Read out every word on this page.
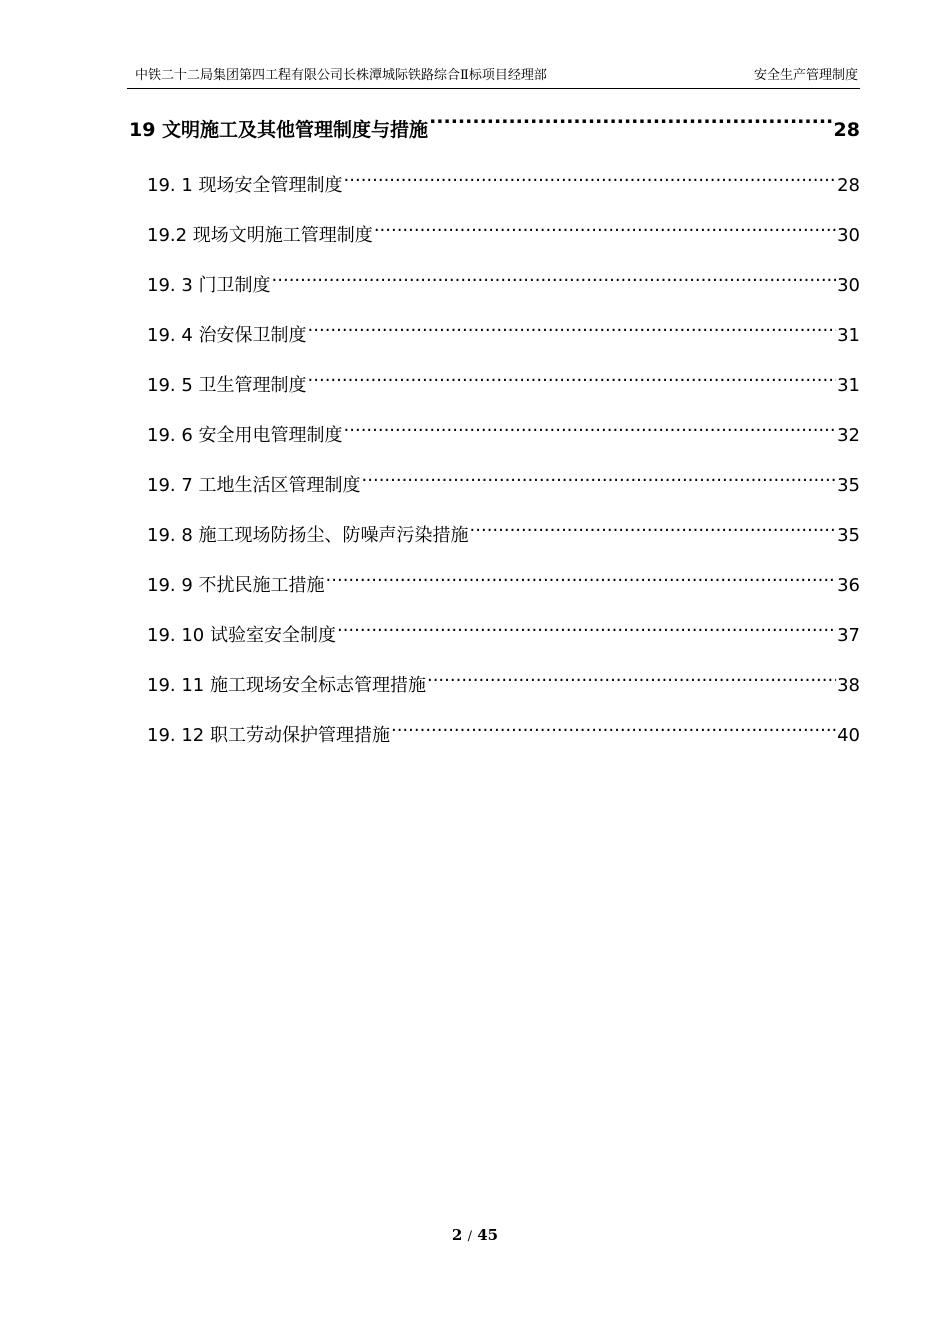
中铁二十二局集团第四工程有限公司长株潭城际铁路综合Ⅱ标项目经理部	安全生产管理制度
19 文明施工及其他管理制度与措施 .....	28
19. 1 现场安全管理制度 .....	28
19.2 现场文明施工管理制度 .....	30
19. 3 门卫制度 .....	30
19. 4 治安保卫制度 .....	31
19. 5 卫生管理制度 .....	31
19. 6 安全用电管理制度 .....	32
19. 7 工地生活区管理制度 .....	35
19. 8 施工现场防扬尘、防噪声污染措施 .....	35
19. 9 不扰民施工措施 .....	36
19. 10 试验室安全制度 .....	37
19. 11 施工现场安全标志管理措施 .....	38
19. 12 职工劳动保护管理措施 .....	40
2 / 45
